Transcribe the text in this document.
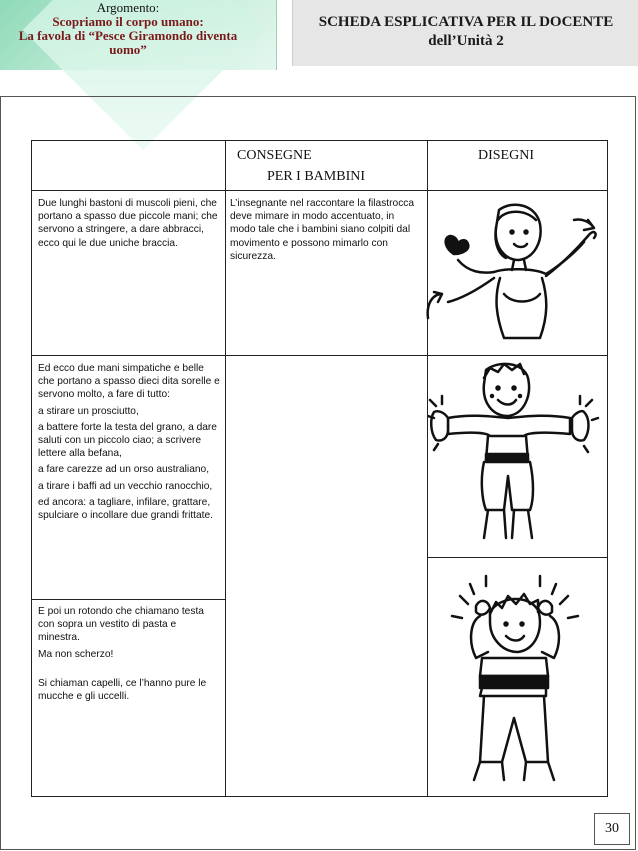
Argomento:
Scopriamo il corpo umano:
La favola di “Pesce Giramondo diventa
uomo”
SCHEDA ESPLICATIVA PER IL DOCENTE
dell’Unità 2
CONSEGNE
PER I BAMBINI
DISEGNI

Due lunghi bastoni di muscoli pieni, che portano a spasso due piccole mani; che servono a stringere, a dare abbracci, ecco qui le due uniche braccia.

L’insegnante nel raccontare la filastrocca deve mimare in modo accentuato, in modo tale che i bambini siano colpiti dal movimento e possono mimarlo con sicurezza.

Ed ecco due mani simpatiche e belle che portano a spasso dieci dita sorelle e servono molto, a fare di tutto:

a stirare un prosciutto,

a battere forte la testa del grano, a dare saluti con un piccolo ciao; a scrivere lettere alla befana,

a fare carezze ad un orso australiano,

a tirare i baffi ad un vecchio ranocchio,

ed ancora: a tagliare, infilare, grattare, spulciare o incollare due grandi frittate.

E poi un rotondo che chiamano testa con sopra un vestito di pasta e minestra.

Ma non scherzo!

Si chiaman capelli, ce l’hanno pure le mucche e gli uccelli.

30
